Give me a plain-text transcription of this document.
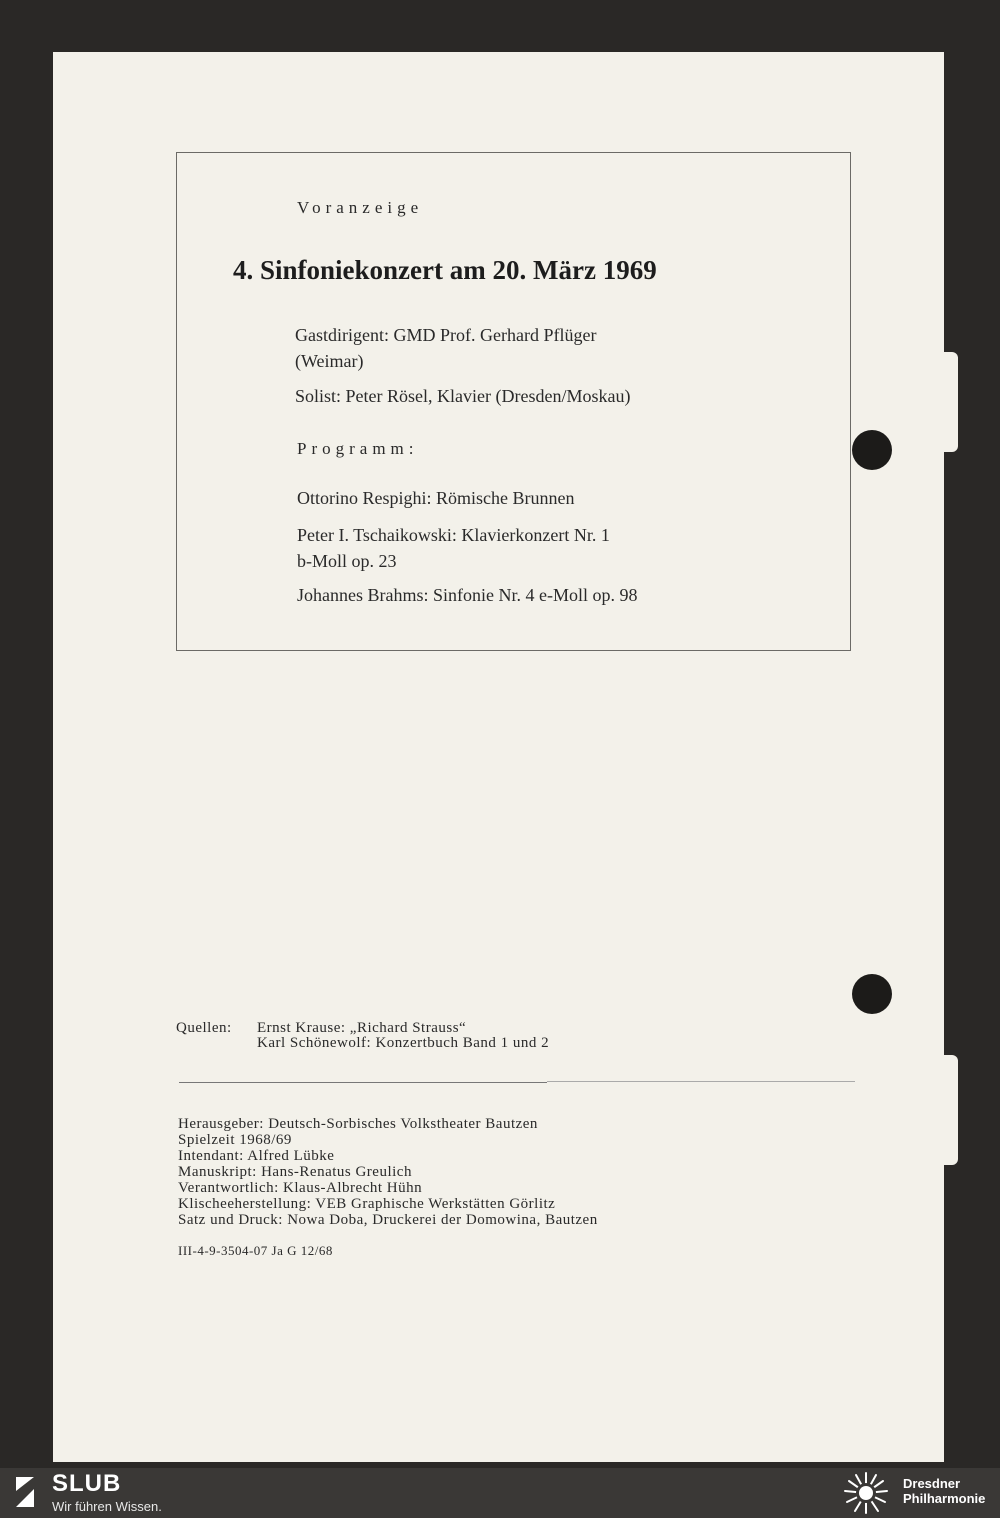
Voranzeige
4. Sinfoniekonzert am 20. März 1969
Gastdirigent: GMD Prof. Gerhard Pflüger
(Weimar)
Solist: Peter Rösel, Klavier (Dresden/Moskau)
Programm:
Ottorino Respighi: Römische Brunnen
Peter I. Tschaikowski: Klavierkonzert Nr. 1
b-Moll op. 23
Johannes Brahms: Sinfonie Nr. 4 e-Moll op. 98
Quellen: Ernst Krause: „Richard Strauss“
Karl Schönewolf: Konzertbuch Band 1 und 2
Herausgeber: Deutsch-Sorbisches Volkstheater Bautzen
Spielzeit 1968/69
Intendant: Alfred Lübke
Manuskript: Hans-Renatus Greulich
Verantwortlich: Klaus-Albrecht Hühn
Klischeeherstellung: VEB Graphische Werkstätten Görlitz
Satz und Druck: Nowa Doba, Druckerei der Domowina, Bautzen
III-4-9-3504-07 Ja G 12/68
SLUB
Wir führen Wissen.
Dresdner
Philharmonie
